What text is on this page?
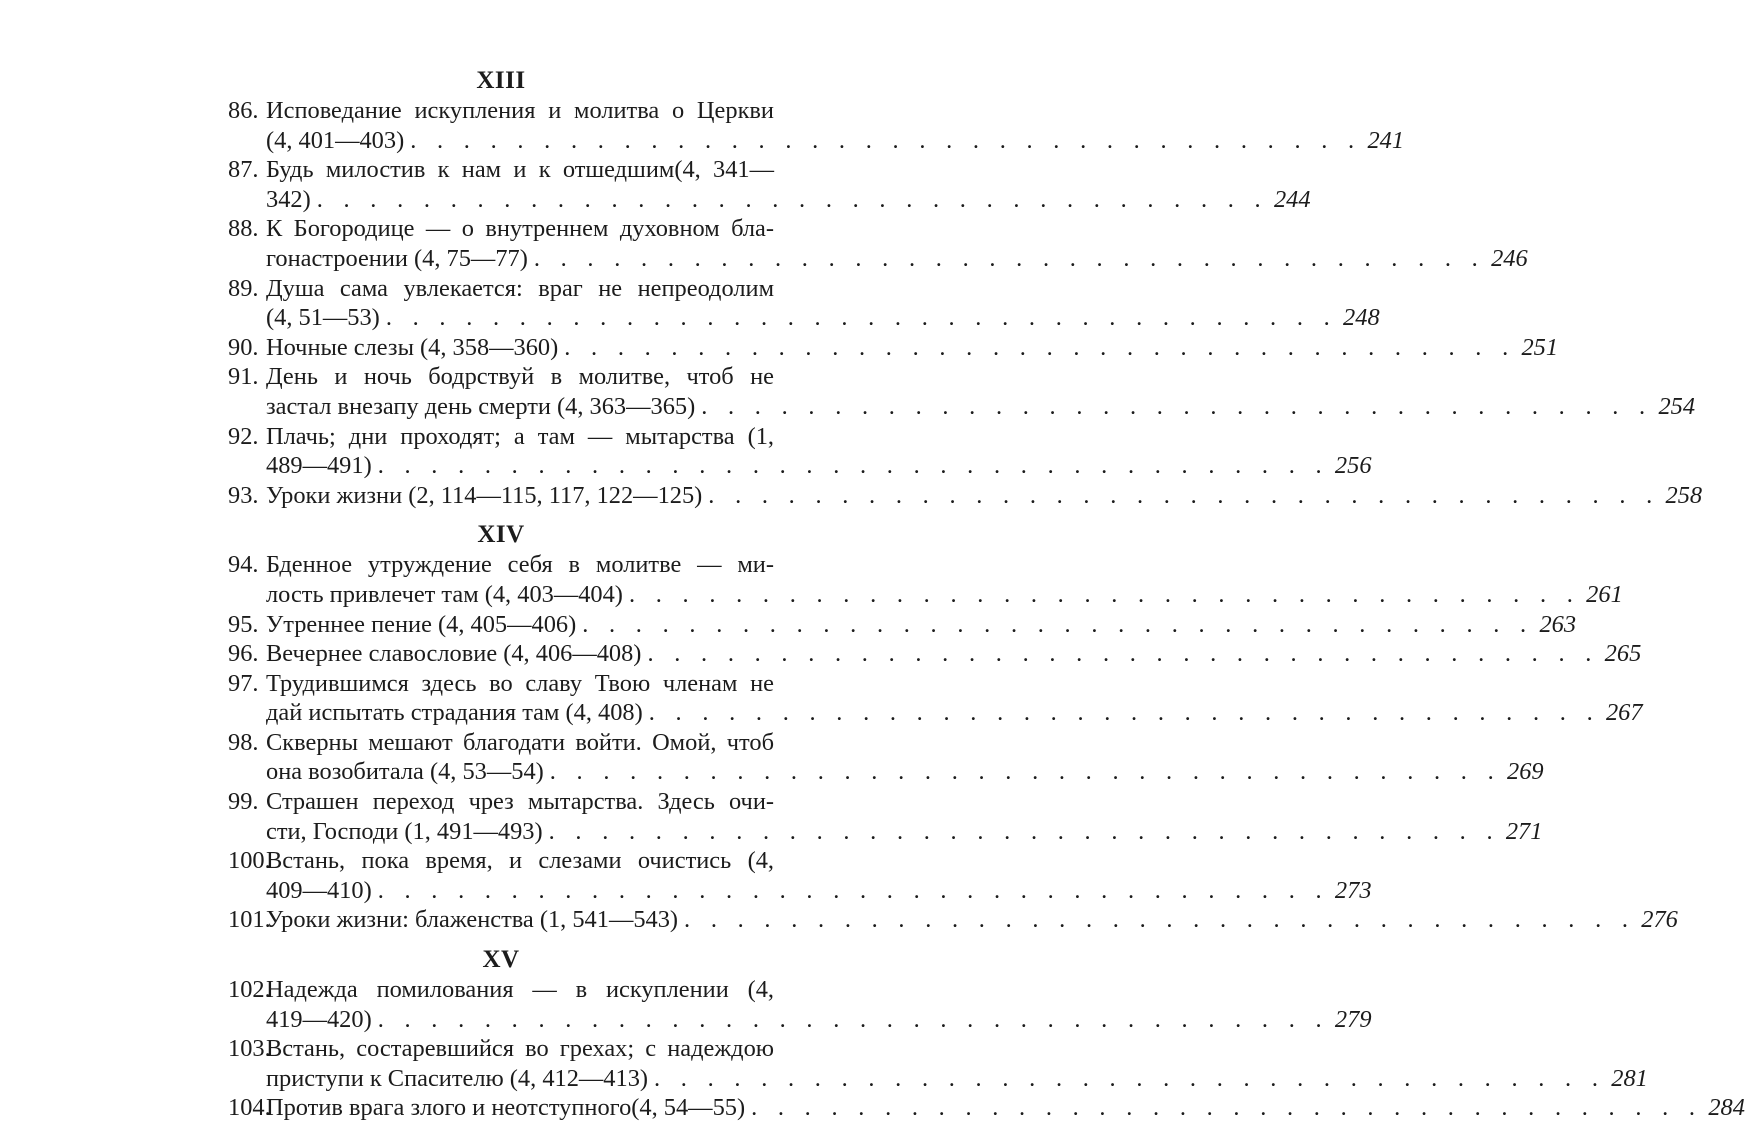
XIII
86. Исповедание искупления и молитва о Церкви
(4, 401—403) . . . . . . . . . . . . . . . . . . . . . . . . . . . . . . . . . . . . 241
87. Будь милостив к нам и к отшедшим(4, 341—
342) . . . . . . . . . . . . . . . . . . . . . . . . . . . . . . . . . . . . 244
88. К Богородице — о внутреннем духовном бла-
гонастроении (4, 75—77) . . . . . . . . . . . . . . . . . . . . . . . . . . . . . . . . . . . . 246
89. Душа сама увлекается: враг не непреодолим
(4, 51—53) . . . . . . . . . . . . . . . . . . . . . . . . . . . . . . . . . . . . 248
90. Ночные слезы (4, 358—360) . . . . . . . . . . . . . . . . . . . . . . . . . . . . . . . . . . . . 251
91. День и ночь бодрствуй в молитве, чтоб не
застал внезапу день смерти (4, 363—365) . . . . . . . . . . . . . . . . . . . . . . . . . . . . . . . . . . . . 254
92. Плачь; дни проходят; а там — мытарства (1,
489—491) . . . . . . . . . . . . . . . . . . . . . . . . . . . . . . . . . . . . 256
93. Уроки жизни (2, 114—115, 117, 122—125) . . . . . . . . . . . . . . . . . . . . . . . . . . . . . . . . . . . . 258
XIV
94. Бденное утруждение себя в молитве — ми-
лость привлечет там (4, 403—404) . . . . . . . . . . . . . . . . . . . . . . . . . . . . . . . . . . . . 261
95. Утреннее пение (4, 405—406) . . . . . . . . . . . . . . . . . . . . . . . . . . . . . . . . . . . . 263
96. Вечернее славословие (4, 406—408) . . . . . . . . . . . . . . . . . . . . . . . . . . . . . . . . . . . . 265
97. Трудившимся здесь во славу Твою членам не
дай испытать страдания там (4, 408) . . . . . . . . . . . . . . . . . . . . . . . . . . . . . . . . . . . . 267
98. Скверны мешают благодати войти. Омой, чтоб
она возобитала (4, 53—54) . . . . . . . . . . . . . . . . . . . . . . . . . . . . . . . . . . . . 269
99. Страшен переход чрез мытарства. Здесь очи-
сти, Господи (1, 491—493) . . . . . . . . . . . . . . . . . . . . . . . . . . . . . . . . . . . . 271
100.
Встань, пока время, и слезами очистись (4,
409—410) . . . . . . . . . . . . . . . . . . . . . . . . . . . . . . . . . . . . 273
101.
Уроки жизни: блаженства (1, 541—543) . . . . . . . . . . . . . . . . . . . . . . . . . . . . . . . . . . . . 276
XV
102.
Надежда помилования — в искуплении (4,
419—420) . . . . . . . . . . . . . . . . . . . . . . . . . . . . . . . . . . . . 279
103.
Встань, состаревшийся во грехах; с надеждою
приступи к Спасителю (4, 412—413) . . . . . . . . . . . . . . . . . . . . . . . . . . . . . . . . . . . . 281
104.
Против врага злого и неотступного(4, 54—55) . . . . . . . . . . . . . . . . . . . . . . . . . . . . . . . . . . . . 284
